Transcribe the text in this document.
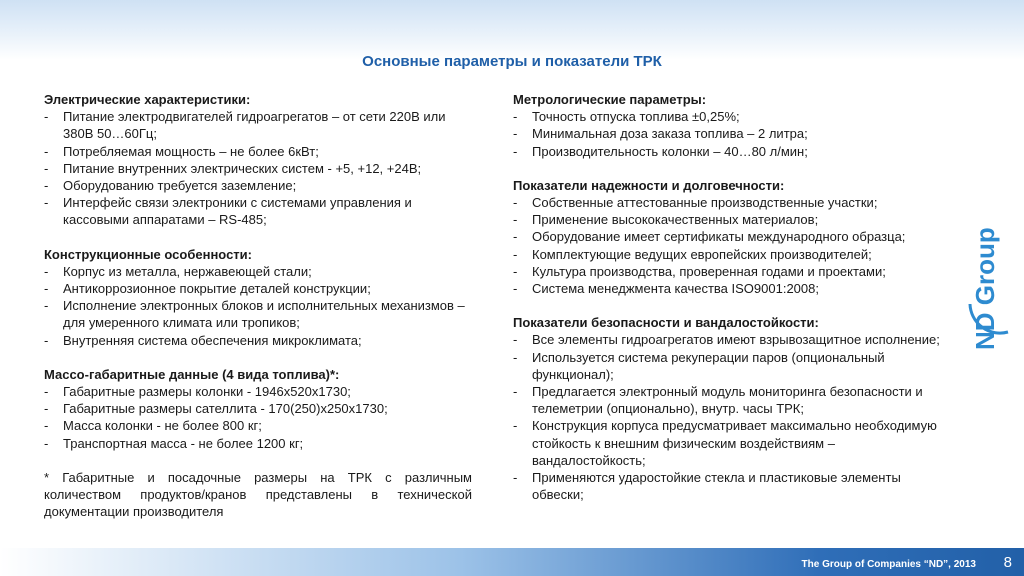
Основные параметры и показатели ТРК
Электрические характеристики:
- Питание электродвигателей гидроагрегатов – от сети 220В или 380В 50…60Гц;
- Потребляемая мощность – не более 6кВт;
- Питание внутренних электрических систем - +5, +12, +24В;
- Оборудованию требуется заземление;
- Интерфейс связи электроники с системами управления и кассовыми аппаратами – RS-485;
Конструкционные особенности:
- Корпус из металла, нержавеющей стали;
- Антикоррозионное покрытие деталей конструкции;
- Исполнение электронных блоков и исполнительных механизмов – для умеренного климата или тропиков;
- Внутренняя система обеспечения микроклимата;
Массо-габаритные данные (4 вида топлива)*:
- Габаритные размеры колонки - 1946х520х1730;
- Габаритные размеры сателлита - 170(250)х250х1730;
- Масса колонки - не более 800 кг;
- Транспортная масса - не более 1200 кг;
* Габаритные и посадочные размеры на ТРК с различным количеством продуктов/кранов представлены в технической документации производителя
Метрологические параметры:
- Точность отпуска топлива ±0,25%;
- Минимальная доза заказа топлива – 2 литра;
- Производительность колонки – 40…80 л/мин;
Показатели надежности и долговечности:
- Собственные аттестованные производственные участки;
- Применение высококачественных материалов;
- Оборудование имеет сертификаты международного образца;
- Комплектующие ведущих европейских производителей;
- Культура производства, проверенная годами и проектами;
- Система менеджмента качества ISO9001:2008;
Показатели безопасности и вандалостойкости:
- Все элементы гидроагрегатов имеют взрывозащитное исполнение;
- Используется система рекуперации паров (опциональный функционал);
- Предлагается электронный модуль мониторинга безопасности и телеметрии (опционально), внутр. часы ТРК;
- Конструкция корпуса предусматривает максимально необходимую стойкость к внешним физическим воздействиям – вандалостойкость;
- Применяются ударостойкие стекла и пластиковые элементы обвески;
ND Group
The Group of Companies “ND”, 2013 8
